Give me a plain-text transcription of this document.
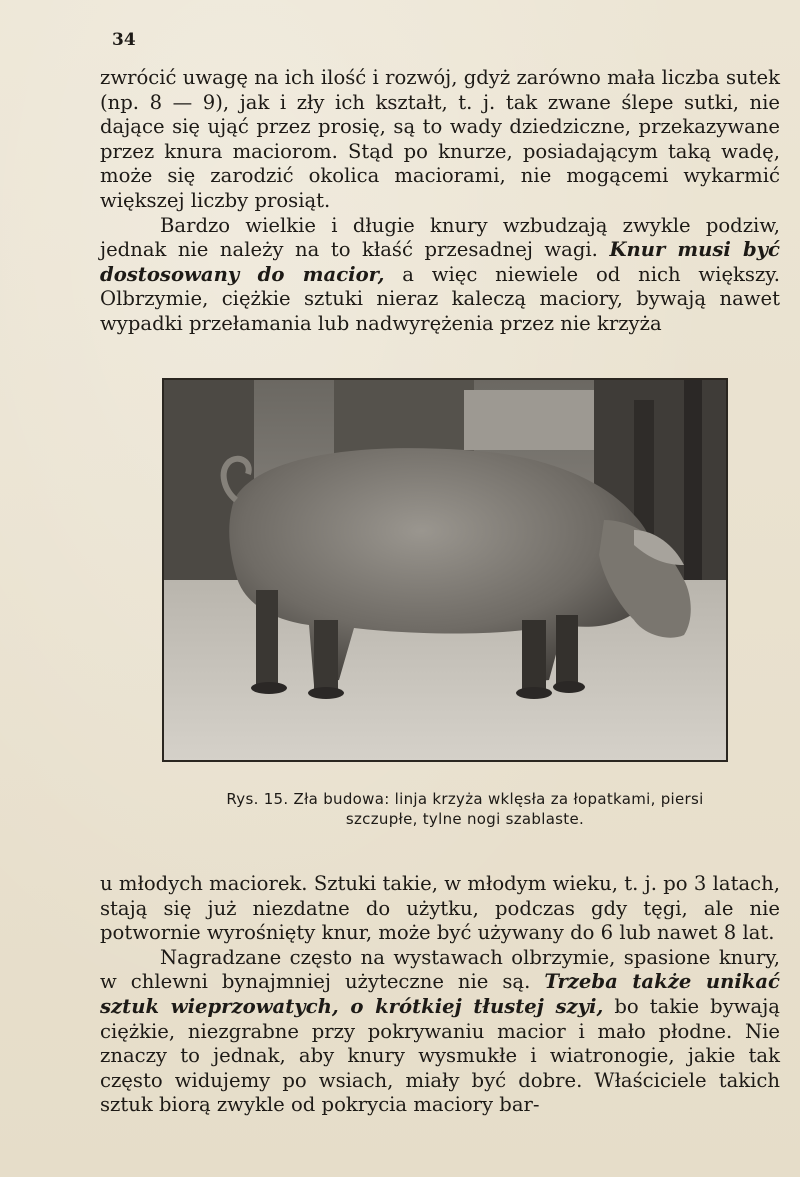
34

zwrócić uwagę na ich ilość i rozwój, gdyż zarówno mała liczba sutek (np. 8 — 9), jak i zły ich kształt, t. j. tak zwane ślepe sutki, nie dające się ująć przez prosię, są to wady dziedziczne, przekazywane przez knura maciorom. Stąd po knurze, posiadającym taką wadę, może się zarodzić okolica maciorami, nie mogącemi wykarmić większej liczby prosiąt.

Bardzo wielkie i długie knury wzbudzają zwykle podziw, jednak nie należy na to kłaść przesadnej wagi. Knur musi być dostosowany do macior, a więc niewiele od nich większy. Olbrzymie, ciężkie sztuki nieraz kaleczą maciory, bywają nawet wypadki przełamania lub nadwyrężenia przez nie krzyża

Rys. 15. Zła budowa: linja krzyża wklęsła za łopatkami, piersi
szczupłe, tylne nogi szablaste.

u młodych maciorek. Sztuki takie, w młodym wieku, t. j. po 3 latach, stają się już niezdatne do użytku, podczas gdy tęgi, ale nie potwornie wyrośnięty knur, może być używany do 6 lub nawet 8 lat.

Nagradzane często na wystawach olbrzymie, spasione knury, w chlewni bynajmniej użyteczne nie są. Trzeba także unikać sztuk wieprzowatych, o krótkiej tłustej szyi, bo takie bywają ciężkie, niezgrabne przy pokrywaniu macior i mało płodne. Nie znaczy to jednak, aby knury wysmukłe i wiatronogie, jakie tak często widujemy po wsiach, miały być dobre. Właściciele takich sztuk biorą zwykle od pokrycia maciory bar-
